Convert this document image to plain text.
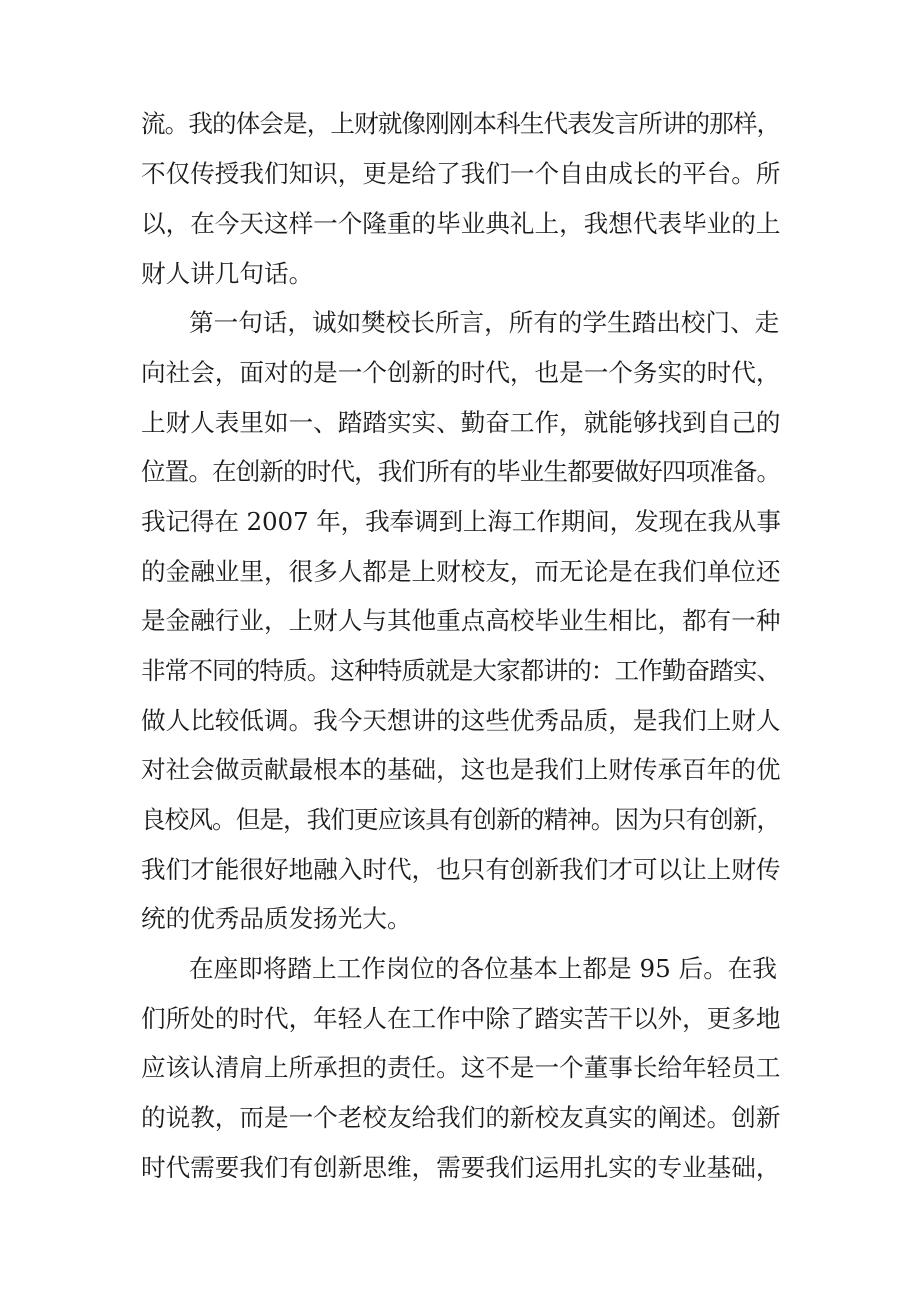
流。我的体会是，上财就像刚刚本科生代表发言所讲的那样，
不仅传授我们知识，更是给了我们一个自由成长的平台。所
以，在今天这样一个隆重的毕业典礼上，我想代表毕业的上
财人讲几句话。
第一句话，诚如樊校长所言，所有的学生踏出校门、走
向社会，面对的是一个创新的时代，也是一个务实的时代，
上财人表里如一、踏踏实实、勤奋工作，就能够找到自己的
位置。在创新的时代，我们所有的毕业生都要做好四项准备。
我记得在 2007 年，我奉调到上海工作期间，发现在我从事
的金融业里，很多人都是上财校友，而无论是在我们单位还
是金融行业，上财人与其他重点高校毕业生相比，都有一种
非常不同的特质。这种特质就是大家都讲的：工作勤奋踏实、
做人比较低调。我今天想讲的这些优秀品质，是我们上财人
对社会做贡献最根本的基础，这也是我们上财传承百年的优
良校风。但是，我们更应该具有创新的精神。因为只有创新，
我们才能很好地融入时代，也只有创新我们才可以让上财传
统的优秀品质发扬光大。
在座即将踏上工作岗位的各位基本上都是 95 后。在我
们所处的时代，年轻人在工作中除了踏实苦干以外，更多地
应该认清肩上所承担的责任。这不是一个董事长给年轻员工
的说教，而是一个老校友给我们的新校友真实的阐述。创新
时代需要我们有创新思维，需要我们运用扎实的专业基础，
